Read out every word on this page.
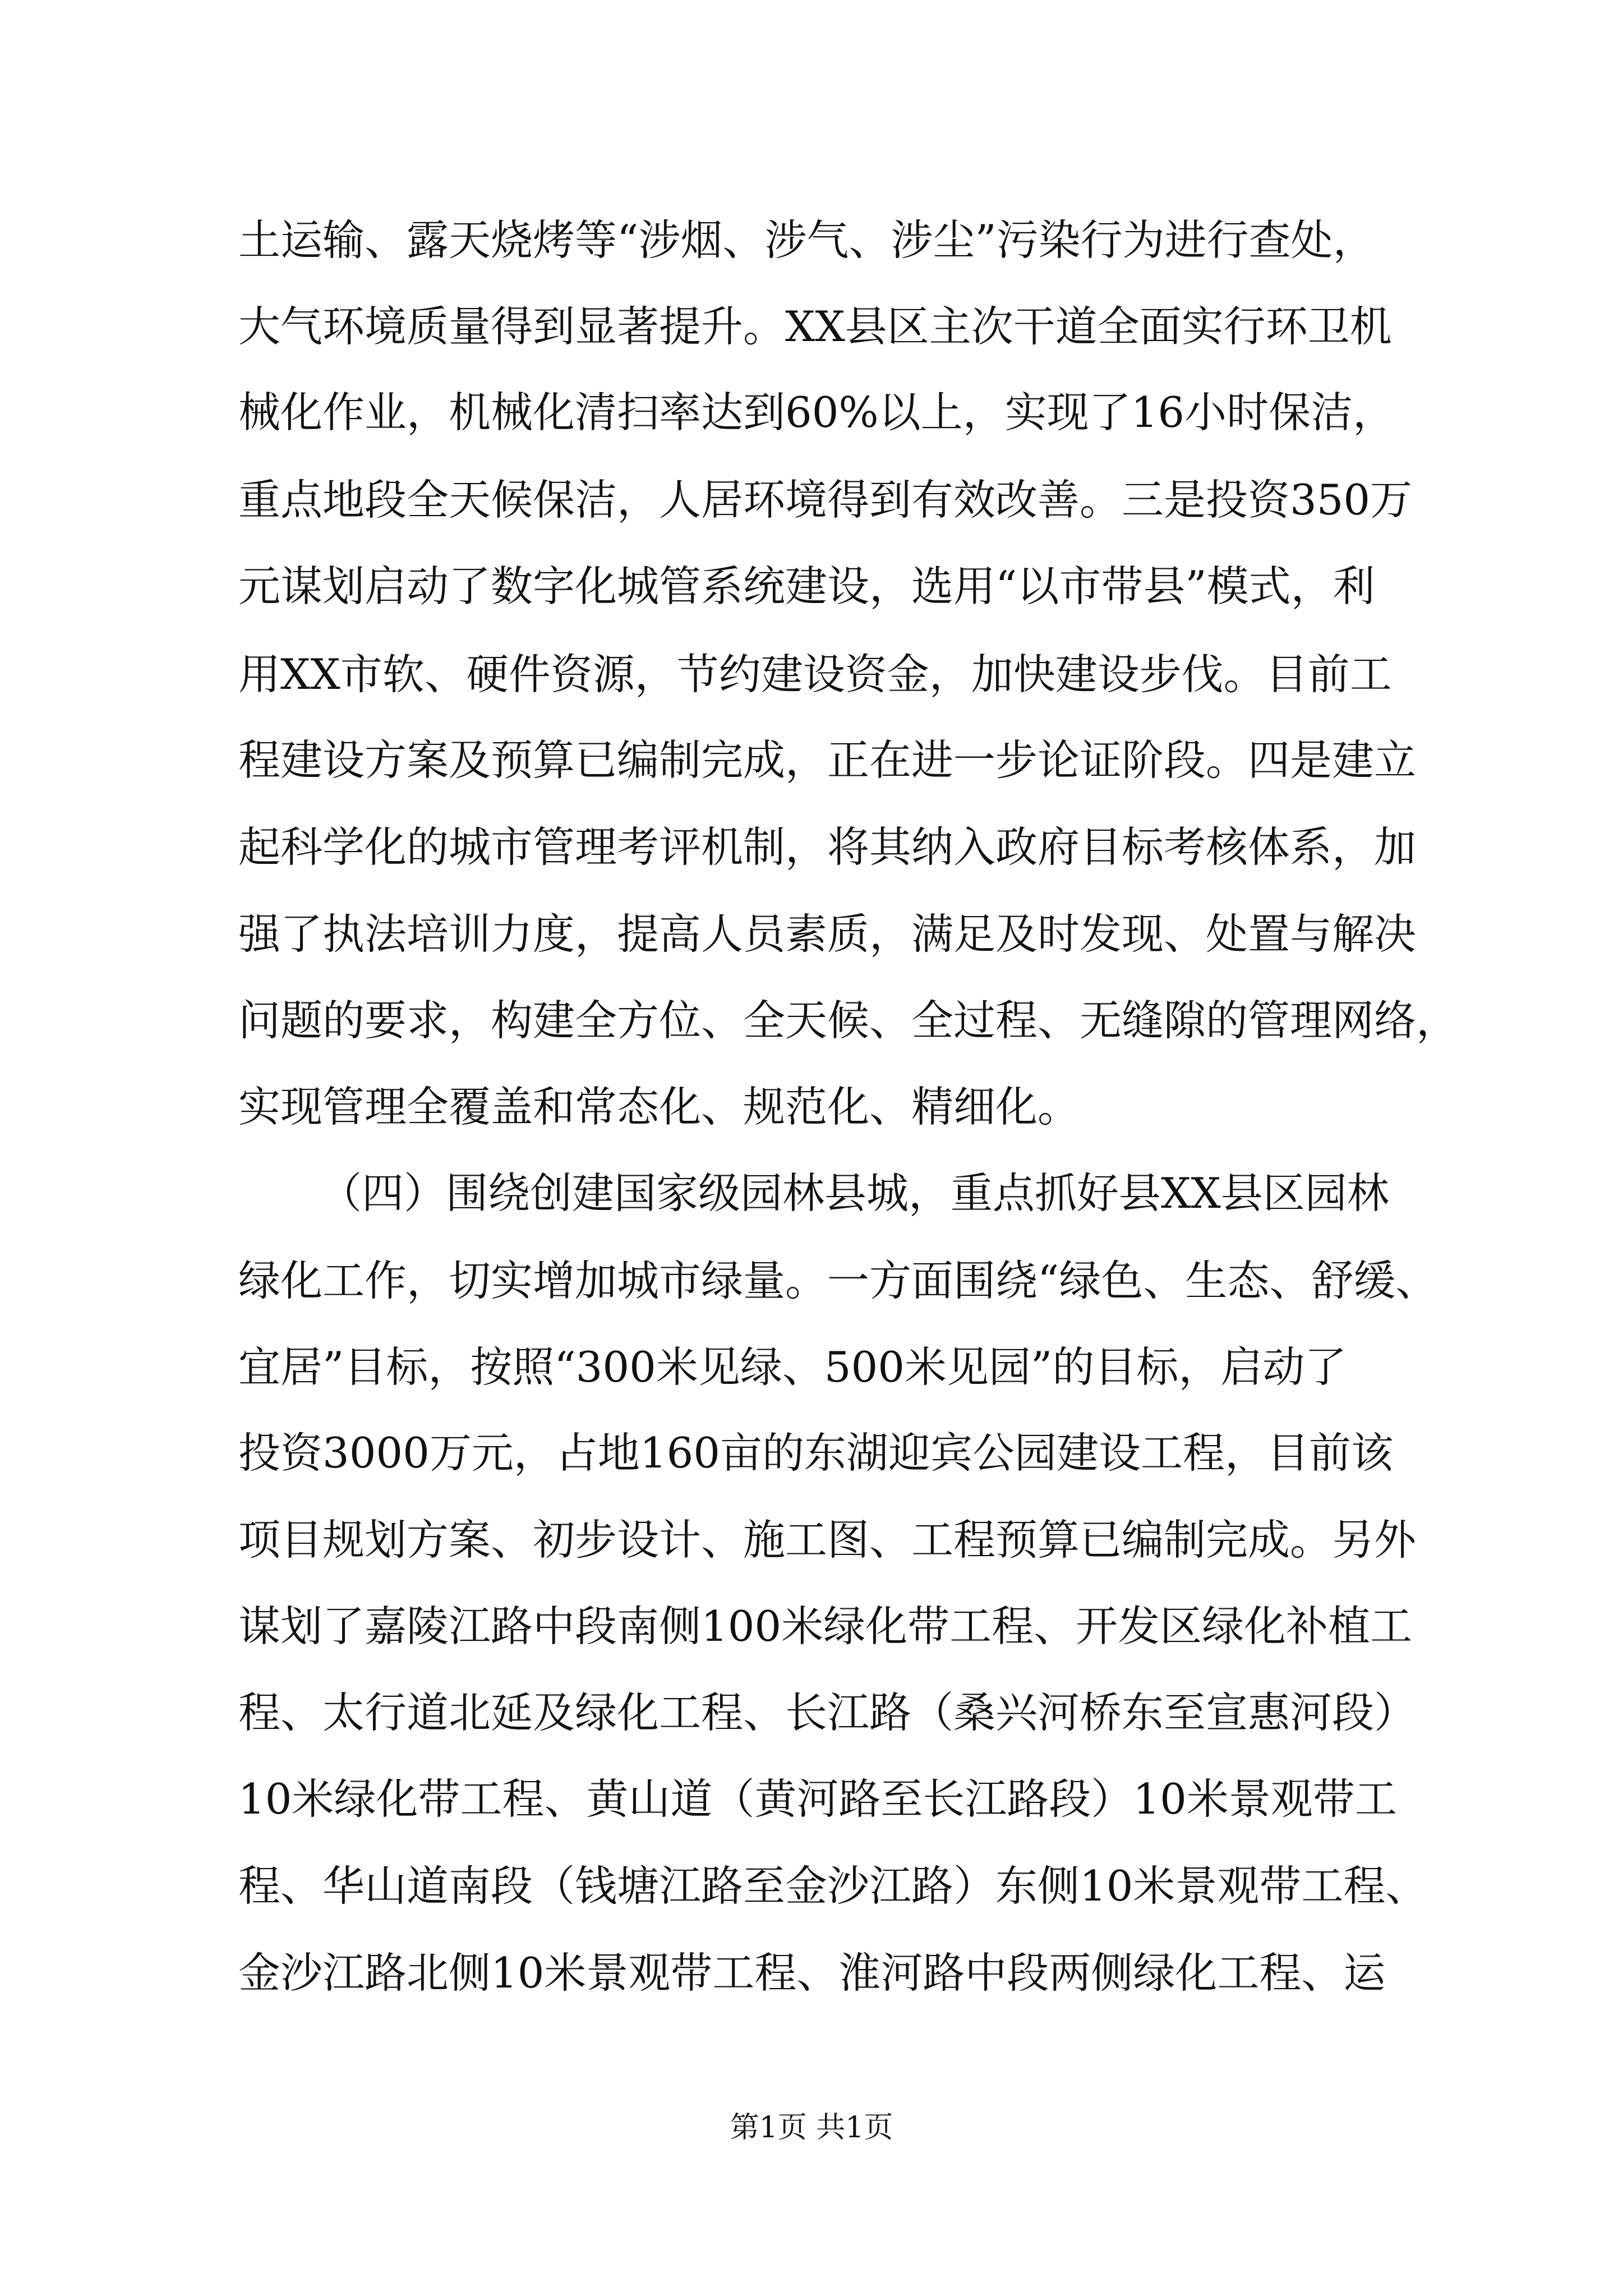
土运输、露天烧烤等“涉烟、涉气、涉尘”污染行为进行查处，
大气环境质量得到显著提升。XX县区主次干道全面实行环卫机
械化作业，机械化清扫率达到60%以上，实现了16小时保洁，
重点地段全天候保洁，人居环境得到有效改善。三是投资350万
元谋划启动了数字化城管系统建设，选用“以市带县”模式，利
用XX市软、硬件资源，节约建设资金，加快建设步伐。目前工
程建设方案及预算已编制完成，正在进一步论证阶段。四是建立
起科学化的城市管理考评机制，将其纳入政府目标考核体系，加
强了执法培训力度，提高人员素质，满足及时发现、处置与解决
问题的要求，构建全方位、全天候、全过程、无缝隙的管理网络，
实现管理全覆盖和常态化、规范化、精细化。
（四）围绕创建国家级园林县城，重点抓好县XX县区园林
绿化工作，切实增加城市绿量。一方面围绕“绿色、生态、舒缓、
宜居”目标，按照“300米见绿、500米见园”的目标，启动了
投资3000万元，占地160亩的东湖迎宾公园建设工程，目前该
项目规划方案、初步设计、施工图、工程预算已编制完成。另外
谋划了嘉陵江路中段南侧100米绿化带工程、开发区绿化补植工
程、太行道北延及绿化工程、长江路（桑兴河桥东至宣惠河段）
10米绿化带工程、黄山道（黄河路至长江路段）10米景观带工
程、华山道南段（钱塘江路至金沙江路）东侧10米景观带工程、
金沙江路北侧10米景观带工程、淮河路中段两侧绿化工程、运
第1页 共1页
